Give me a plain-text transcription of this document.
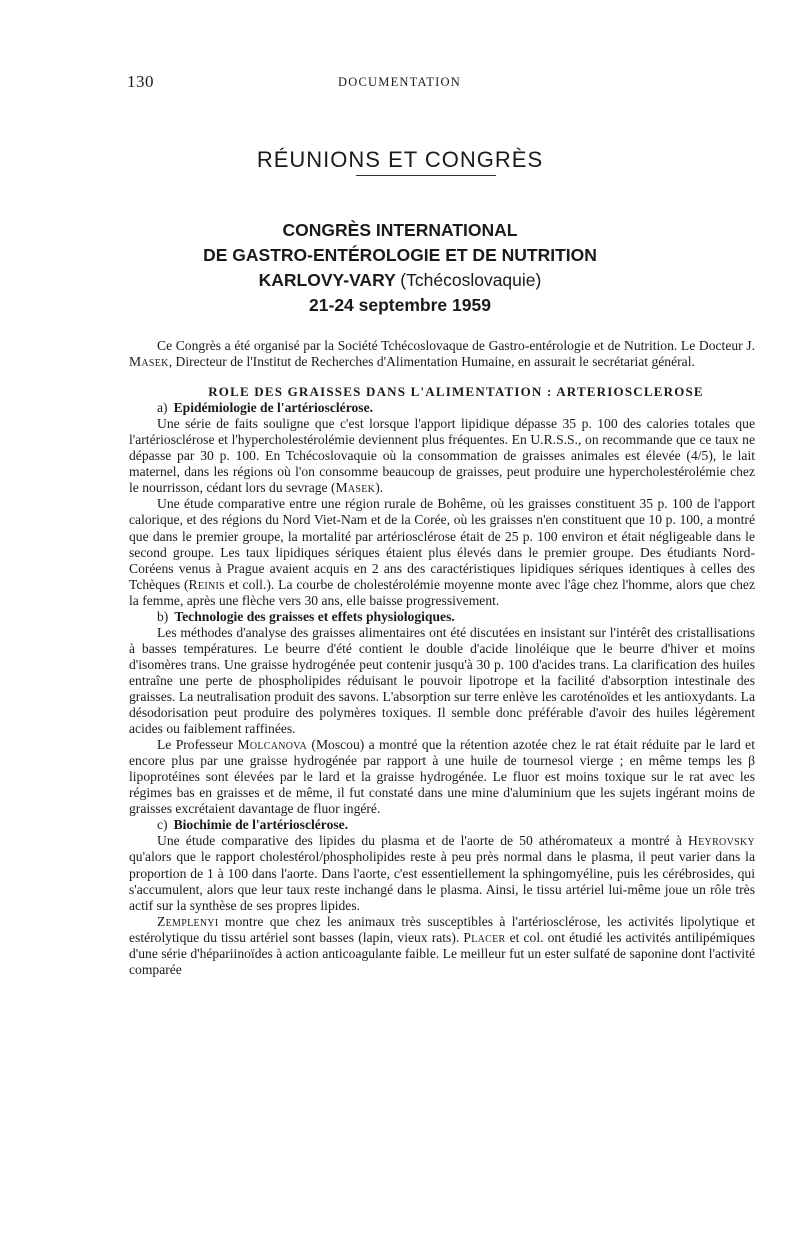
130	DOCUMENTATION
RÉUNIONS ET CONGRÈS
CONGRÈS INTERNATIONAL
DE GASTRO-ENTÉROLOGIE ET DE NUTRITION
KARLOVY-VARY (Tchécoslovaquie)
21-24 septembre 1959

Ce Congrès a été organisé par la Société Tchécoslovaque de Gastro-entérologie et de Nutrition. Le Docteur J. Masek, Directeur de l'Institut de Recherches d'Alimentation Humaine, en assurait le secrétariat général.

ROLE DES GRAISSES DANS L'ALIMENTATION : ARTERIOSCLEROSE

a) Epidémiologie de l'artériosclérose.

Une série de faits souligne que c'est lorsque l'apport lipidique dépasse 35 p. 100 des calories totales que l'artériosclérose et l'hypercholestérolémie deviennent plus fréquentes. En U.R.S.S., on recommande que ce taux ne dépasse par 30 p. 100. En Tchécoslovaquie où la consommation de graisses animales est élevée (4/5), le lait maternel, dans les régions où l'on consomme beaucoup de graisses, peut produire une hypercholestérolémie chez le nourrisson, cédant lors du sevrage (Masek).

Une étude comparative entre une région rurale de Bohême, où les graisses constituent 35 p. 100 de l'apport calorique, et des régions du Nord Viet-Nam et de la Corée, où les graisses n'en constituent que 10 p. 100, a montré que dans le premier groupe, la mortalité par artériosclérose était de 25 p. 100 environ et était négligeable dans le second groupe. Les taux lipidiques sériques étaient plus élevés dans le premier groupe. Des étudiants Nord-Coréens venus à Prague avaient acquis en 2 ans des caractéristiques lipidiques sériques identiques à celles des Tchèques (Reinis et coll.). La courbe de cholestérolémie moyenne monte avec l'âge chez l'homme, alors que chez la femme, après une flèche vers 30 ans, elle baisse progressivement.

b) Technologie des graisses et effets physiologiques.

Les méthodes d'analyse des graisses alimentaires ont été discutées en insistant sur l'intérêt des cristallisations à basses températures. Le beurre d'été contient le double d'acide linoléique que le beurre d'hiver et moins d'isomères trans. Une graisse hydrogénée peut contenir jusqu'à 30 p. 100 d'acides trans. La clarification des huiles entraîne une perte de phospholipides réduisant le pouvoir lipotrope et la facilité d'absorption intestinale des graisses. La neutralisation produit des savons. L'absorption sur terre enlève les caroténoïdes et les antioxydants. La désodorisation peut produire des polymères toxiques. Il semble donc préférable d'avoir des huiles légèrement acides ou faiblement raffinées.

Le Professeur Molcanova (Moscou) a montré que la rétention azotée chez le rat était réduite par le lard et encore plus par une graisse hydrogénée par rapport à une huile de tournesol vierge ; en même temps les β lipoprotéines sont élevées par le lard et la graisse hydrogénée. Le fluor est moins toxique sur le rat avec les régimes bas en graisses et de même, il fut constaté dans une mine d'aluminium que les sujets ingérant moins de graisses excrétaient davantage de fluor ingéré.

c) Biochimie de l'artériosclérose.

Une étude comparative des lipides du plasma et de l'aorte de 50 athéromateux a montré à Heyrovsky qu'alors que le rapport cholestérol/phospholipides reste à peu près normal dans le plasma, il peut varier dans la proportion de 1 à 100 dans l'aorte. Dans l'aorte, c'est essentiellement la sphingomyéline, puis les cérébrosides, qui s'accumulent, alors que leur taux reste inchangé dans le plasma. Ainsi, le tissu artériel lui-même joue un rôle très actif sur la synthèse de ses propres lipides.

Zemplenyi montre que chez les animaux très susceptibles à l'artériosclérose, les activités lipolytique et estérolytique du tissu artériel sont basses (lapin, vieux rats). Placer et col. ont étudié les activités antilipémiques d'une série d'hépariinoïdes à action anticoagulante faible. Le meilleur fut un ester sulfaté de saponine dont l'activité comparée
